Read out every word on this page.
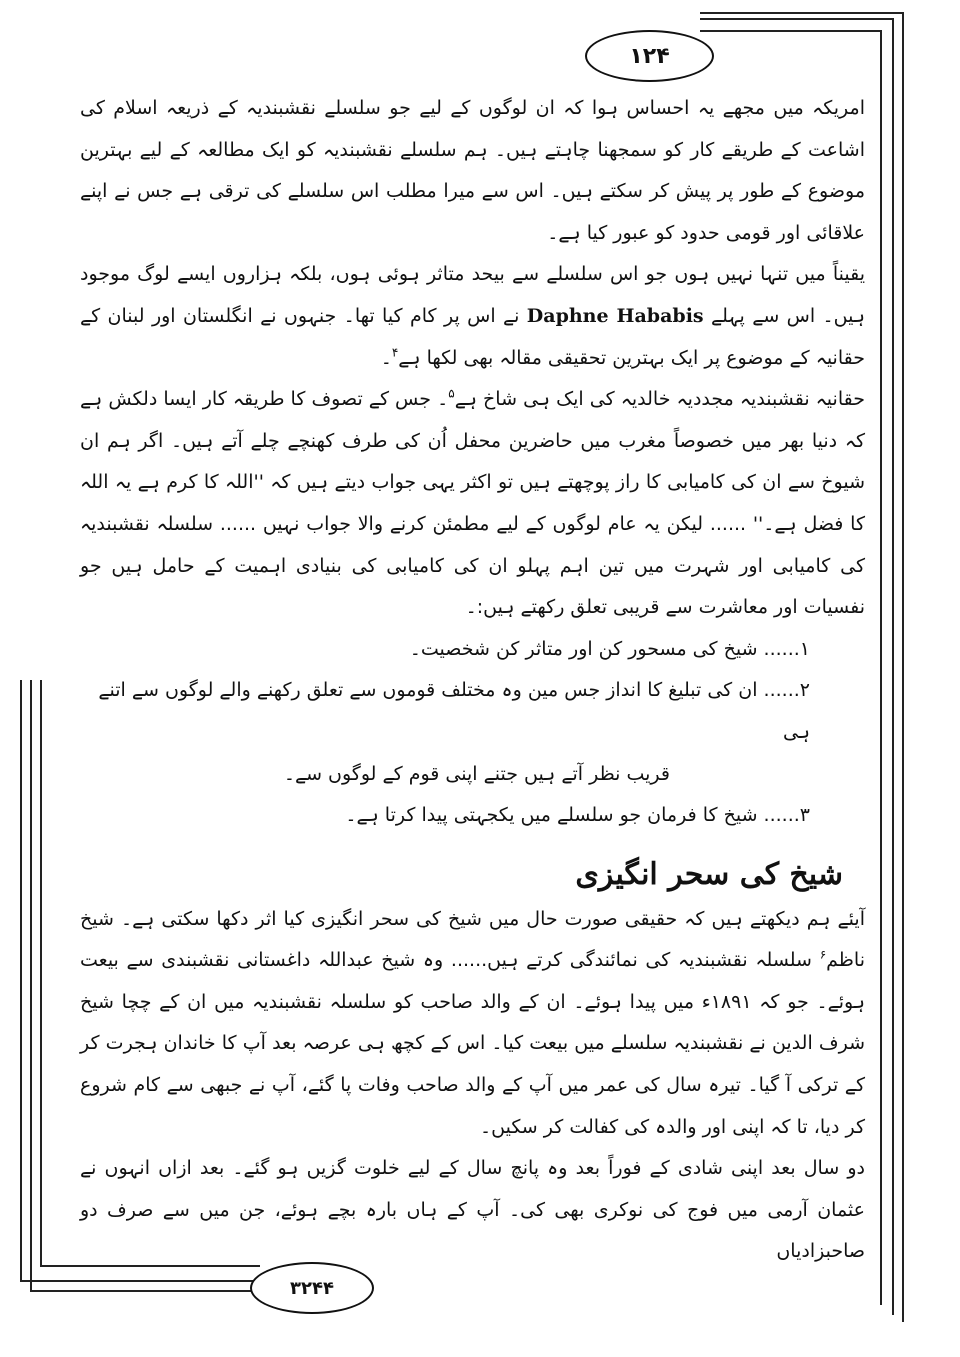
۱۲۴
۳۲۴۴

امریکہ میں مجھے یہ احساس ہوا کہ ان لوگوں کے لیے جو سلسلے نقشبندیہ کے ذریعہ اسلام کی اشاعت کے طریقے کار کو سمجھنا چاہتے ہیں۔ ہم سلسلے نقشبندیہ کو ایک مطالعہ کے لیے بہترین موضوع کے طور پر پیش کر سکتے ہیں۔ اس سے میرا مطلب اس سلسلے کی ترقی ہے جس نے اپنے علاقائی اور قومی حدود کو عبور کیا ہے۔

یقیناً میں تنہا نہیں ہوں جو اس سلسلے سے بیحد متاثر ہوئی ہوں، بلکہ ہزاروں ایسے لوگ موجود ہیں۔ اس سے پہلے Daphne Hababis نے اس پر کام کیا تھا۔ جنہوں نے انگلستان اور لبنان کے حقانیہ کے موضوع پر ایک بہترین تحقیقی مقالہ بھی لکھا ہے$^۴$۔

حقانیہ نقشبندیہ مجددیہ خالدیہ کی ایک ہی شاخ ہے$^۵$۔ جس کے تصوف کا طریقہ کار ایسا دلکش ہے کہ دنیا بھر میں خصوصاً مغرب میں حاضرین محفل اُن کی طرف کھنچے چلے آتے ہیں۔ اگر ہم ان شیوخ سے ان کی کامیابی کا راز پوچھتے ہیں تو اکثر یہی جواب دیتے ہیں کہ ''اللہ کا کرم ہے یہ اللہ کا فضل ہے۔'' ...... لیکن یہ عام لوگوں کے لیے مطمئن کرنے والا جواب نہیں ...... سلسلہ نقشبندیہ کی کامیابی اور شہرت میں تین اہم پہلو ان کی کامیابی کی بنیادی اہمیت کے حامل ہیں جو نفسیات اور معاشرت سے قریبی تعلق رکھتے ہیں:۔

۱...... شیخ کی مسحور کن اور متاثر کن شخصیت۔

۲...... ان کی تبلیغ کا انداز جس مین وہ مختلف قوموں سے تعلق رکھنے والے لوگوں سے اتنے ہی

قریب نظر آتے ہیں جتنے اپنی قوم کے لوگوں سے۔

۳...... شیخ کا فرمان جو سلسلے میں یکجہتی پیدا کرتا ہے۔

شیخ کی سحر انگیزی

آیئے ہم دیکھتے ہیں کہ حقیقی صورت حال میں شیخ کی سحر انگیزی کیا اثر دکھا سکتی ہے۔ شیخ ناظم$^۶$ سلسلہ نقشبندیہ کی نمائندگی کرتے ہیں...... وہ شیخ عبداللہ داغستانی نقشبندی سے بیعت ہوئے۔ جو کہ ۱۸۹۱ء میں پیدا ہوئے۔ ان کے والد صاحب کو سلسلہ نقشبندیہ میں ان کے چچا شیخ شرف الدین نے نقشبندیہ سلسلے میں بیعت کیا۔ اس کے کچھ ہی عرصہ بعد آپ کا خاندان ہجرت کر کے ترکی آ گیا۔ تیرہ سال کی عمر میں آپ کے والد صاحب وفات پا گئے، آپ نے جبھی سے کام شروع کر دیا، تا کہ اپنی اور والدہ کی کفالت کر سکیں۔

دو سال بعد اپنی شادی کے فوراً بعد وہ پانچ سال کے لیے خلوت گزیں ہو گئے۔ بعد ازاں انہوں نے عثمان آرمی میں فوج کی نوکری بھی کی۔ آپ کے ہاں بارہ بچے ہوئے، جن میں سے صرف دو صاحبزادیاں
